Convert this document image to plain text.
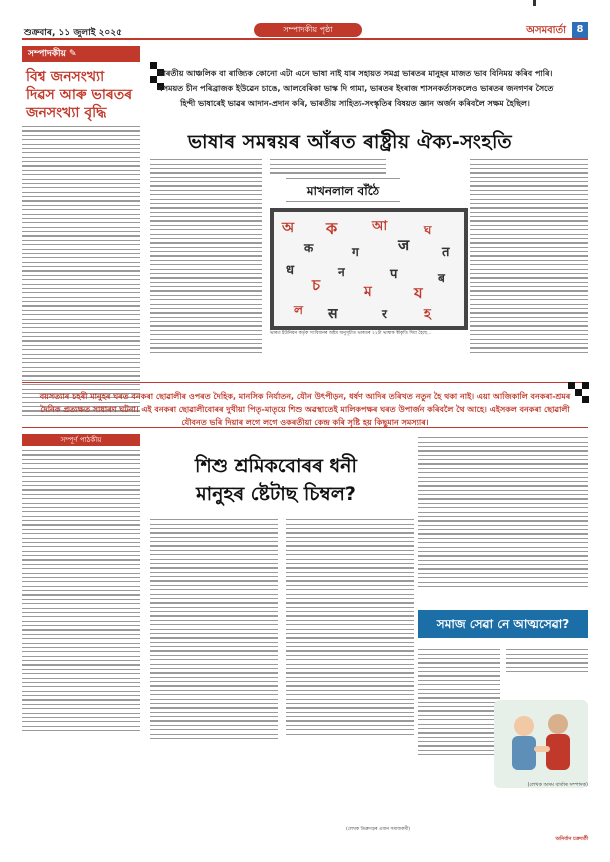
শুক্ৰবাৰ, ১১ জুলাই ২০২৫	সম্পাদকীয় পৃষ্ঠা	অসমবাৰ্তা	8
সম্পাদকীয় ✎
বিশ্ব জনসংখ্যা
দিৱস আৰু ভাৰতৰ
জনসংখ্যা বৃদ্ধি
ভাৰতীয় আঞ্চলিক বা ৰাজ্যিক কোনো এটা এনে ভাষা নাই যাৰ সহায়ত সমগ্ৰ ভাৰতৰ মানুহৰ মাজত ভাব বিনিময় কৰিব পাৰি। এসময়ত চীন পৰিব্ৰাজক ইউৱেন চাঙে, আলবেৰিকা ভাস্ক দি গামা, ভাৰতৰ ইংৰাজ শাসনকৰ্তাসকলেও ভাৰতৰ জনগণৰ সৈতে হিন্দী ভাষাৰেই ভাৱৰ আদান-প্ৰদান কৰি, ভাৰতীয় সাহিত্য-সংস্কৃতিৰ বিষয়ত জ্ঞান অৰ্জন কৰিবলৈ সক্ষম হৈছিল।
ভাষাৰ সমন্বয়ৰ আঁৰত ৰাষ্ট্ৰীয় ঐক্য-সংহতি
মাখনলাল বাঁঠৈ
অ
क
ক
ग
আ
ज
ঘ
त
ध
চ
न
ম
प
য
ब
ল स	र	হ
ভাৰত ইউনিয়ন কৰ্তৃক সংবিধানৰ অষ্টম অনুসূচীত ভাৰতৰ ২২টা ভাষাক স্বীকৃতি দিয়া হৈছে...
বয়সত্যাৰ চহৰী মানুহৰ ঘৰত বনকৰা ছোৱালীৰ ওপৰত দৈহিক, মানসিক নিৰ্যাতন, যৌন উৎপীড়ন, ধৰ্ষণ আদিৰ তৰিখত নতুন হৈ থকা নাই। এয়া আজিকালি বনকৰা-শ্ৰমৰ দৈনিক প্ৰত্যক্ষত সাধাৰণ ঘটনা। এই বনকৰা ছোৱালীবোৰৰ দুখীয়া পিতৃ-মাতৃয়ে শিশু অৱস্থাতেই মালিকপক্ষৰ ঘৰত উপাৰ্জন কৰিবলৈ থৈ আহে। এইসকল বনকৰা ছোৱালী যৌবনত ভৰি দিয়াৰ লগে লগে ওকৰতীয়া কেন্দ্ৰ কৰি সৃষ্টি হয় কিছুমান সমস্যাৰ।
সম্পূৰ্ণ পাঠকীয়
শিশু শ্ৰমিকবোৰৰ ধনী
মানুহৰ ষ্টেটাছ চিম্বল?
(লেখক ডিব্ৰুগড়ৰ এজন সমাজকৰ্মী)
সমাজ সেৱা নে আত্মসেৱা?
(লেখক অসম বাৰ্তাৰ সম্পাদক)
অনিৰ্বান চক্ৰবৰ্তী
